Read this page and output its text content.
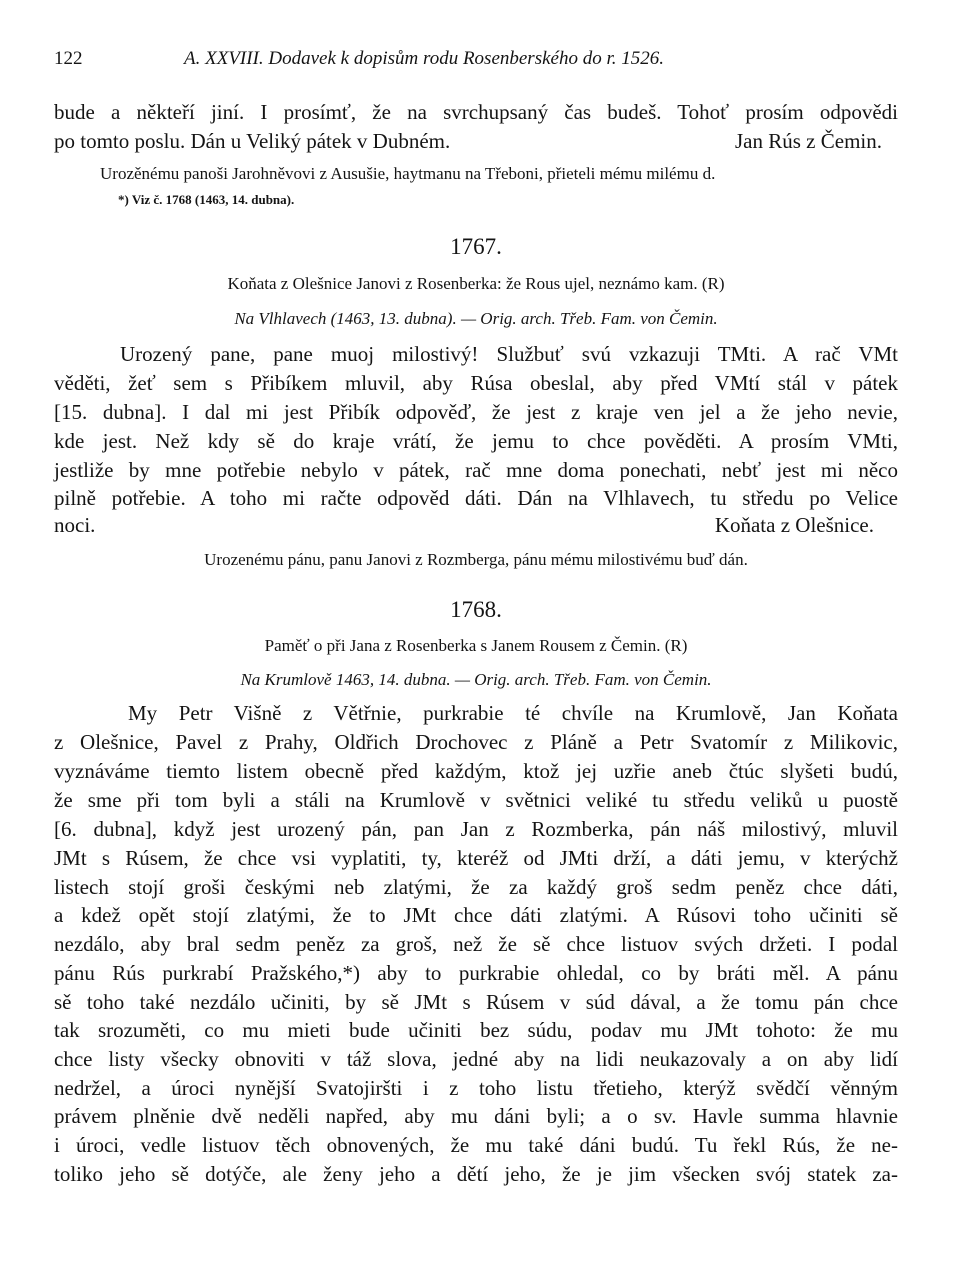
122	A. XXVIII. Dodavek k dopisům rodu Rosenberského do r. 1526.
bude a někteří jiní. I prosímť, že na svrchupsaný čas budeš. Tohoť prosím odpovědi
po tomto poslu. Dán u Veliký pátek v Dubném.	Jan Rús z Čemin.
Urozěnému panoši Jarohněvovi z Ausušie, haytmanu na Třeboni, přieteli mému milému d.
*) Viz č. 1768 (1463, 14. dubna).
1767.
Koňata z Olešnice Janovi z Rosenberka: že Rous ujel, neznámo kam. (R)
Na Vlhlavech (1463, 13. dubna). — Orig. arch. Třeb. Fam. von Čemin.
Urozený pane, pane muoj milostivý! Službuť svú vzkazuji TMti. A rač VMt
věděti, žeť sem s Přibíkem mluvil, aby Rúsa obeslal, aby před VMtí stál v pátek
[15. dubna]. I dal mi jest Přibík odpověď, že jest z kraje ven jel a že jeho nevie,
kde jest. Než kdy sě do kraje vrátí, že jemu to chce pověděti. A prosím VMti,
jestliže by mne potřebie nebylo v pátek, rač mne doma ponechati, nebť jest mi něco
pilně potřebie. A toho mi račte odpověd dáti. Dán na Vlhlavech, tu středu po Velice
noci.	Koňata z Olešnice.
Urozenému pánu, panu Janovi z Rozmberga, pánu mému milostivému buď dán.
1768.
Paměť o při Jana z Rosenberka s Janem Rousem z Čemin. (R)
Na Krumlově 1463, 14. dubna. — Orig. arch. Třeb. Fam. von Čemin.
My Petr Višně z Větřnie, purkrabie té chvíle na Krumlově, Jan Koňata
z Olešnice, Pavel z Prahy, Oldřich Drochovec z Pláně a Petr Svatomír z Milikovic,
vyznáváme tiemto listem obecně před každým, ktož jej uzřie aneb čtúc slyšeti budú,
že sme při tom byli a stáli na Krumlově v světnici veliké tu středu veliků u puostě
[6. dubna], když jest urozený pán, pan Jan z Rozmberka, pán náš milostivý, mluvil
JMt s Rúsem, že chce vsi vyplatiti, ty, kteréž od JMti drží, a dáti jemu, v kterýchž
listech stojí groši českými neb zlatými, že za každý groš sedm peněz chce dáti,
a kdež opět stojí zlatými, že to JMt chce dáti zlatými. A Rúsovi toho učiniti sě
nezdálo, aby bral sedm peněz za groš, než že sě chce listuov svých držeti. I podal
pánu Rús purkrabí Pražského,*) aby to purkrabie ohledal, co by bráti měl. A pánu
sě toho také nezdálo učiniti, by sě JMt s Rúsem v súd dával, a že tomu pán chce
tak srozuměti, co mu mieti bude učiniti bez súdu, podav mu JMt tohoto: že mu
chce listy všecky obnoviti v táž slova, jedné aby na lidi neukazovaly a on aby lidí
nedržel, a úroci nynější Svatojiršti i z toho listu třetieho, kterýž svědčí věnným
právem plněnie dvě neděli napřed, aby mu dáni byli; a o sv. Havle summa hlavnie
i úroci, vedle listuov těch obnovených, že mu také dáni budú. Tu řekl Rús, že ne-
toliko jeho sě dotýče, ale ženy jeho a dětí jeho, že je jim všecken svój statek za-
